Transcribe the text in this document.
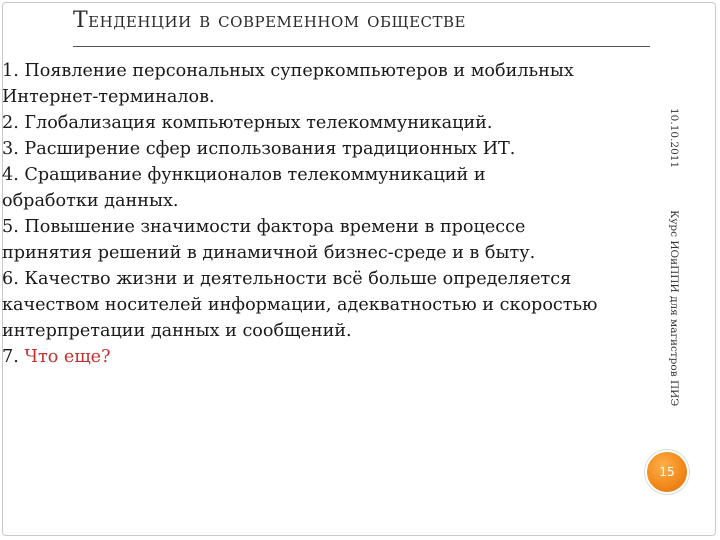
Тенденции в современном обществе

1. Появление персональных суперкомпьютеров и мобильных

Интернет-терминалов.

2. Глобализация компьютерных телекоммуникаций.

3. Расширение сфер использования традиционных ИТ.

4. Сращивание функционалов телекоммуникаций и

обработки данных.

5. Повышение значимости фактора времени в процессе

принятия решений в динамичной бизнес-среде и в быту.

6. Качество жизни и деятельности всё больше определяется

качеством носителей информации, адекватностью и скоростью

интерпретации данных и сообщений.

7. Что еще?

10.10.2011Курс ИОиППИ для магистров ПИЭ
15
